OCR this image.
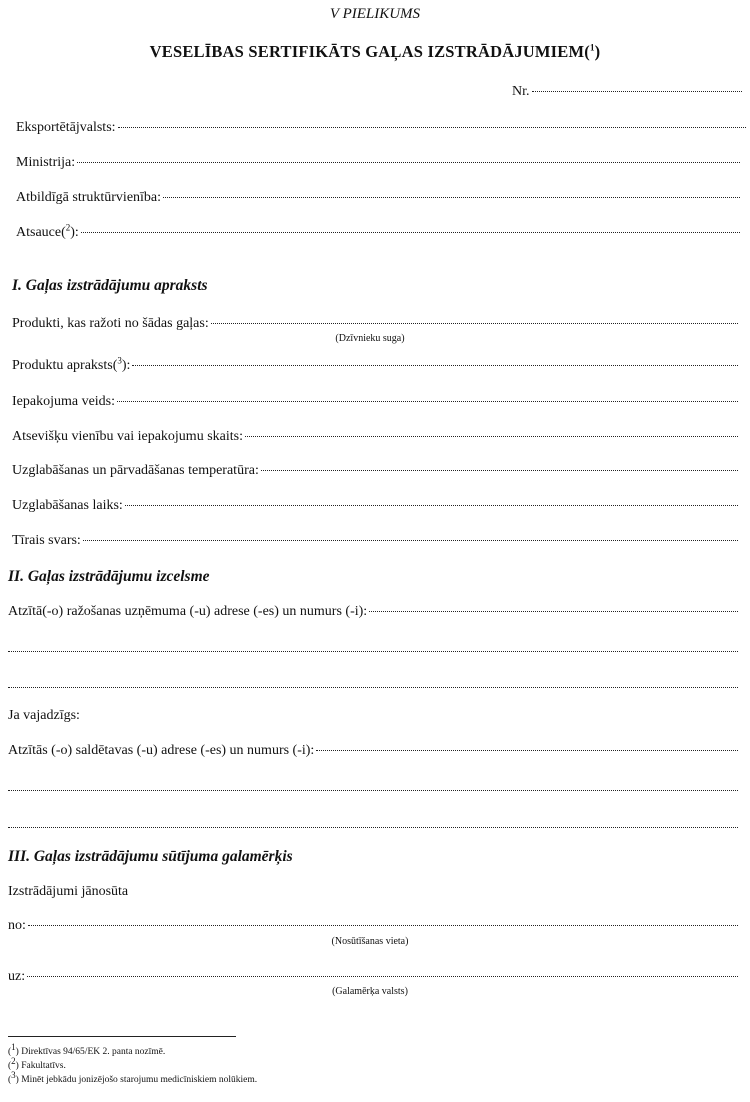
V PIELIKUMS
VESELĪBAS SERTIFIKĀTS GAĻAS IZSTRĀDĀJUMIEM($^1$)
Nr.
Eksportētājvalsts:
Ministrija:
Atbildīgā struktūrvienība:
Atsauce ($^2$):
I. Gaļas izstrādājumu apraksts
Produkti, kas ražoti no šādas gaļas:
(Dzīvnieku suga)
Produktu apraksts ($^3$):
Iepakojuma veids:
Atsevišķu vienību vai iepakojumu skaits:
Uzglabāšanas un pārvadāšanas temperatūra:
Uzglabāšanas laiks:
Tīrais svars:
II. Gaļas izstrādājumu izcelsme
Atzītā(-o) ražošanas uzņēmuma (-u) adrese (-es) un numurs (-i):
Ja vajadzīgs:
Atzītās (-o) saldētavas (-u) adrese (-es) un numurs (-i):
III. Gaļas izstrādājumu sūtījuma galamērķis
Izstrādājumi jānosūta
no:
(Nosūtīšanas vieta)
uz:
(Galamērķa valsts)
($^1$) Direktīvas 94/65/EK 2. panta nozīmē.
($^2$) Fakultatīvs.
($^3$) Minēt jebkādu jonizējošo starojumu medicīniskiem nolūkiem.
